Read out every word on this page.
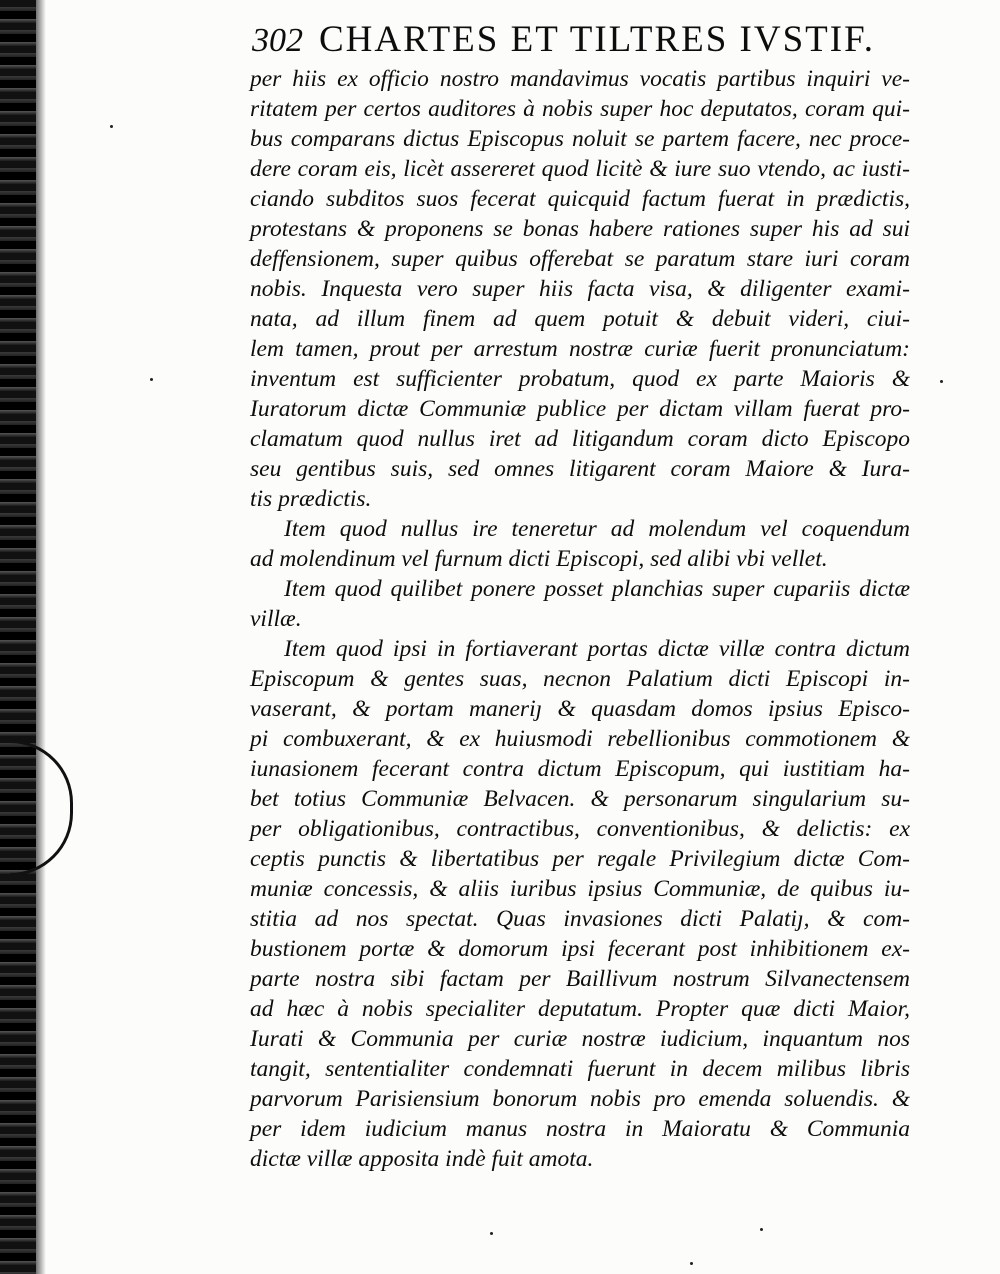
302 CHARTES ET TILTRES IVSTIF.
per hiis ex officio nostro mandavimus vocatis partibus inquiri ve-
ritatem per certos auditores à nobis super hoc deputatos, coram qui-
bus comparans dictus Episcopus noluit se partem facere, nec proce-
dere coram eis, licèt assereret quod licitè & iure suo vtendo, ac iusti-
ciando subditos suos fecerat quicquid factum fuerat in prædictis,
protestans & proponens se bonas habere rationes super his ad sui
deffensionem, super quibus offerebat se paratum stare iuri coram
nobis. Inquesta vero super hiis facta visa, & diligenter exami-
nata, ad illum finem ad quem potuit & debuit videri, ciui-
lem tamen, prout per arrestum nostræ curiæ fuerit pronunciatum:
inventum est sufficienter probatum, quod ex parte Maioris &
Iuratorum dictæ Communiæ publice per dictam villam fuerat pro-
clamatum quod nullus iret ad litigandum coram dicto Episcopo
seu gentibus suis, sed omnes litigarent coram Maiore & Iura-
tis prædictis.
Item quod nullus ire teneretur ad molendum vel coquendum
ad molendinum vel furnum dicti Episcopi, sed alibi vbi vellet.
Item quod quilibet ponere posset planchias super cupariis dictæ
villæ.
Item quod ipsi in fortiaverant portas dictæ villæ contra dictum
Episcopum & gentes suas, necnon Palatium dicti Episcopi in-
vaserant, & portam maneriȷ & quasdam domos ipsius Episco-
pi combuxerant, & ex huiusmodi rebellionibus commotionem &
iunasionem fecerant contra dictum Episcopum, qui iustitiam ha-
bet totius Communiæ Belvacen. & personarum singularium su-
per obligationibus, contractibus, conventionibus, & delictis: ex
ceptis punctis & libertatibus per regale Privilegium dictæ Com-
muniæ concessis, & aliis iuribus ipsius Communiæ, de quibus iu-
stitia ad nos spectat. Quas invasiones dicti Palatiȷ, & com-
bustionem portæ & domorum ipsi fecerant post inhibitionem ex-
parte nostra sibi factam per Baillivum nostrum Silvanectensem
ad hæc à nobis specialiter deputatum. Propter quæ dicti Maior,
Iurati & Communia per curiæ nostræ iudicium, inquantum nos
tangit, sententialiter condemnati fuerunt in decem milibus libris
parvorum Parisiensium bonorum nobis pro emenda soluendis. &
per idem iudicium manus nostra in Maioratu & Communia
dictæ villæ apposita indè fuit amota.
